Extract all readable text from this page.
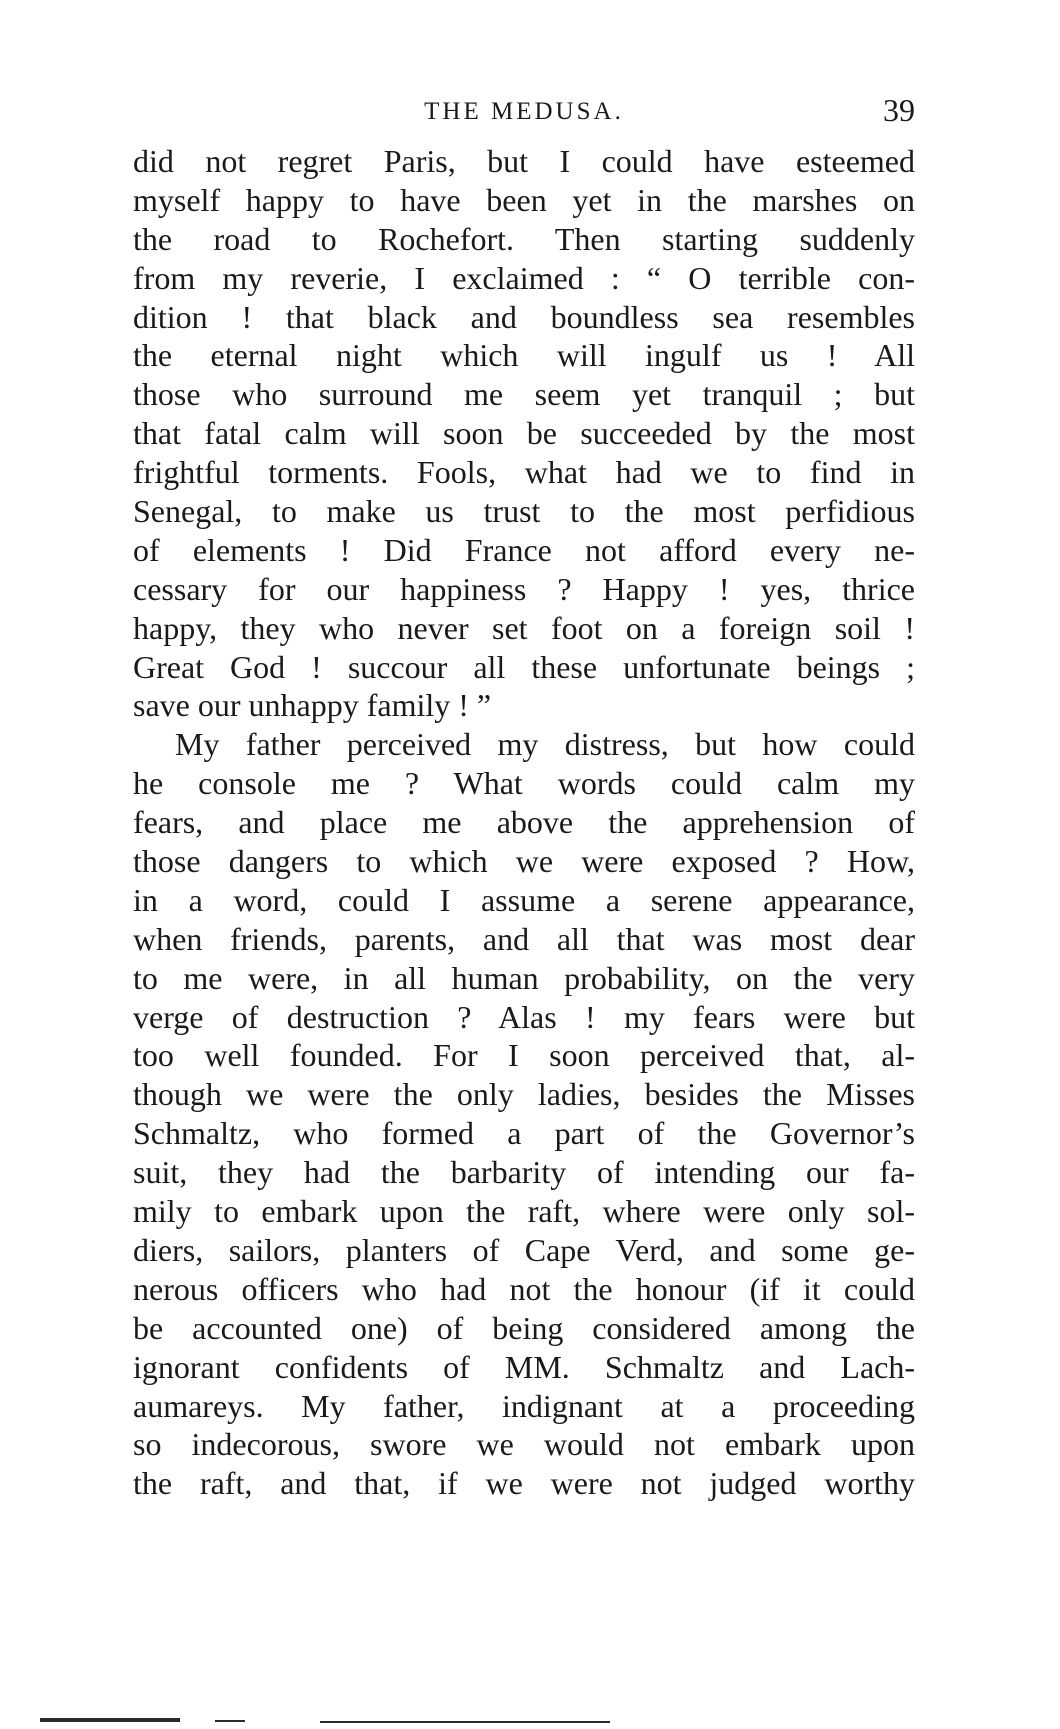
THE MEDUSA.	39
did not regret Paris, but I could have esteemed
myself happy to have been yet in the marshes on
the road to Rochefort. Then starting suddenly
from my reverie, I exclaimed : “ O terrible con-
dition ! that black and boundless sea resembles
the eternal night which will ingulf us ! All
those who surround me seem yet tranquil ; but
that fatal calm will soon be succeeded by the most
frightful torments. Fools, what had we to find in
Senegal, to make us trust to the most perfidious
of elements ! Did France not afford every ne-
cessary for our happiness ? Happy ! yes, thrice
happy, they who never set foot on a foreign soil !
Great God ! succour all these unfortunate beings ;
save our unhappy family ! ”
My father perceived my distress, but how could
he console me ? What words could calm my
fears, and place me above the apprehension of
those dangers to which we were exposed ? How,
in a word, could I assume a serene appearance,
when friends, parents, and all that was most dear
to me were, in all human probability, on the very
verge of destruction ? Alas ! my fears were but
too well founded. For I soon perceived that, al-
though we were the only ladies, besides the Misses
Schmaltz, who formed a part of the Governor’s
suit, they had the barbarity of intending our fa-
mily to embark upon the raft, where were only sol-
diers, sailors, planters of Cape Verd, and some ge-
nerous officers who had not the honour (if it could
be accounted one) of being considered among the
ignorant confidents of MM. Schmaltz and Lach-
aumareys. My father, indignant at a proceeding
so indecorous, swore we would not embark upon
the raft, and that, if we were not judged worthy
